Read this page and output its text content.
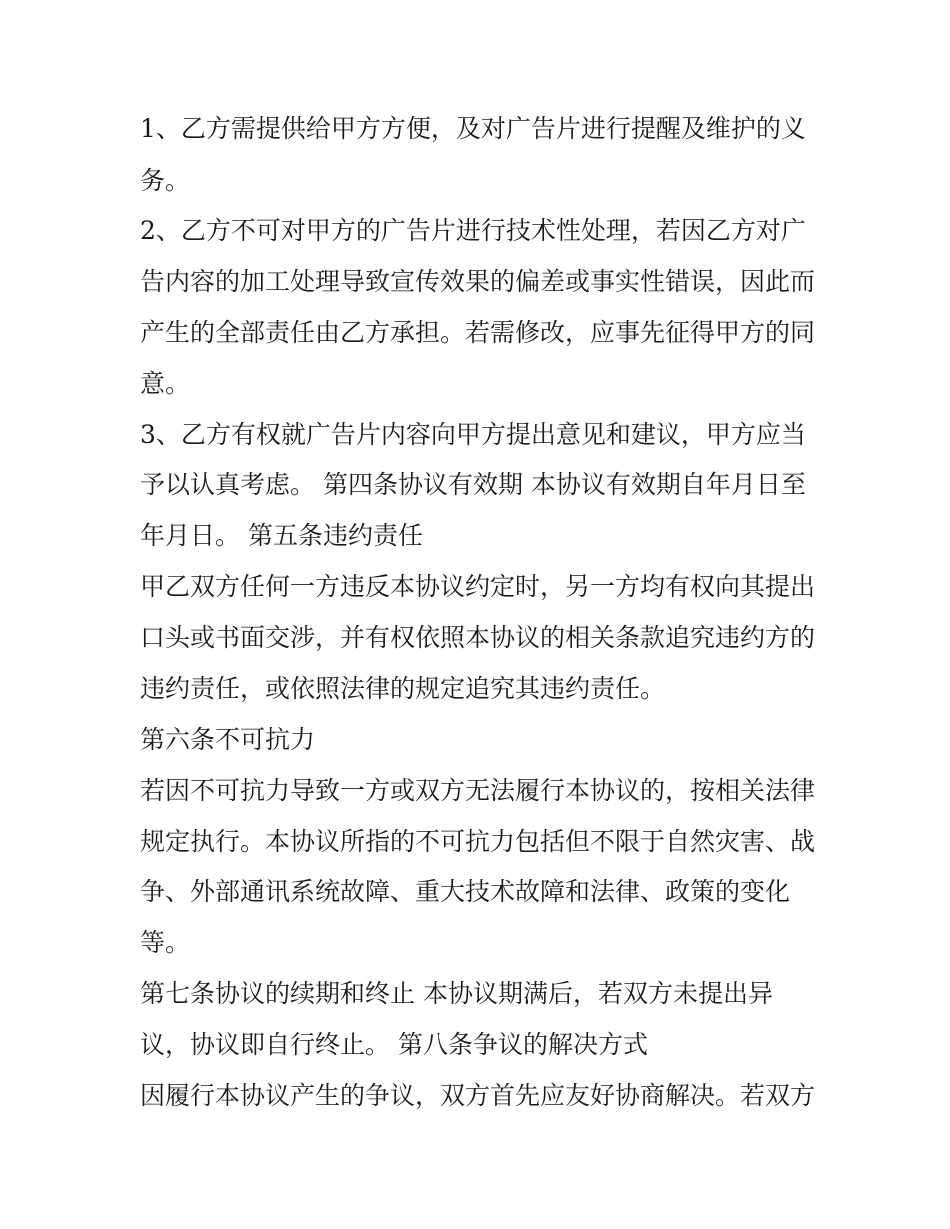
1、乙方需提供给甲方方便，及对广告片进行提醒及维护的义

务。

2、乙方不可对甲方的广告片进行技术性处理，若因乙方对广

告内容的加工处理导致宣传效果的偏差或事实性错误，因此而

产生的全部责任由乙方承担。若需修改，应事先征得甲方的同

意。

3、乙方有权就广告片内容向甲方提出意见和建议，甲方应当

予以认真考虑。 第四条协议有效期 本协议有效期自年月日至

年月日。 第五条违约责任

甲乙双方任何一方违反本协议约定时，另一方均有权向其提出

口头或书面交涉，并有权依照本协议的相关条款追究违约方的

违约责任，或依照法律的规定追究其违约责任。

第六条不可抗力

若因不可抗力导致一方或双方无法履行本协议的，按相关法律

规定执行。本协议所指的不可抗力包括但不限于自然灾害、战

争、外部通讯系统故障、重大技术故障和法律、政策的变化

等。

第七条协议的续期和终止 本协议期满后，若双方未提出异

议，协议即自行终止。 第八条争议的解决方式

因履行本协议产生的争议，双方首先应友好协商解决。若双方
